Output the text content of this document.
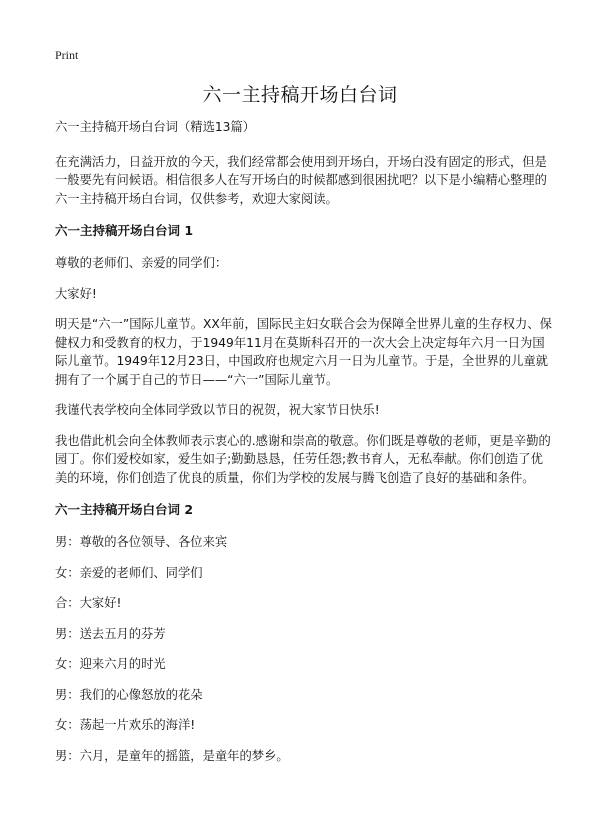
Print
六一主持稿开场白台词

六一主持稿开场白台词（精选13篇）

在充满活力，日益开放的今天，我们经常都会使用到开场白，开场白没有固定的形式，但是一般要先有问候语。相信很多人在写开场白的时候都感到很困扰吧？以下是小编精心整理的六一主持稿开场白台词，仅供参考，欢迎大家阅读。

六一主持稿开场白台词 1

尊敬的老师们、亲爱的同学们：

大家好!

明天是“六一”国际儿童节。XX年前，国际民主妇女联合会为保障全世界儿童的生存权力、保健权力和受教育的权力，于1949年11月在莫斯科召开的一次大会上决定每年六月一日为国际儿童节。1949年12月23日，中国政府也规定六月一日为儿童节。于是，全世界的儿童就拥有了一个属于自己的节日——“六一”国际儿童节。

我谨代表学校向全体同学致以节日的祝贺，祝大家节日快乐!

我也借此机会向全体教师表示衷心的.感谢和崇高的敬意。你们既是尊敬的老师，更是辛勤的园丁。你们爱校如家，爱生如子;勤勤恳恳，任劳任怨;教书育人，无私奉献。你们创造了优美的环境，你们创造了优良的质量，你们为学校的发展与腾飞创造了良好的基础和条件。

六一主持稿开场白台词 2

男：尊敬的各位领导、各位来宾

女：亲爱的老师们、同学们

合：大家好!

男：送去五月的芬芳

女：迎来六月的时光

男：我们的心像怒放的花朵

女：荡起一片欢乐的海洋!

男：六月，是童年的摇篮，是童年的梦乡。
